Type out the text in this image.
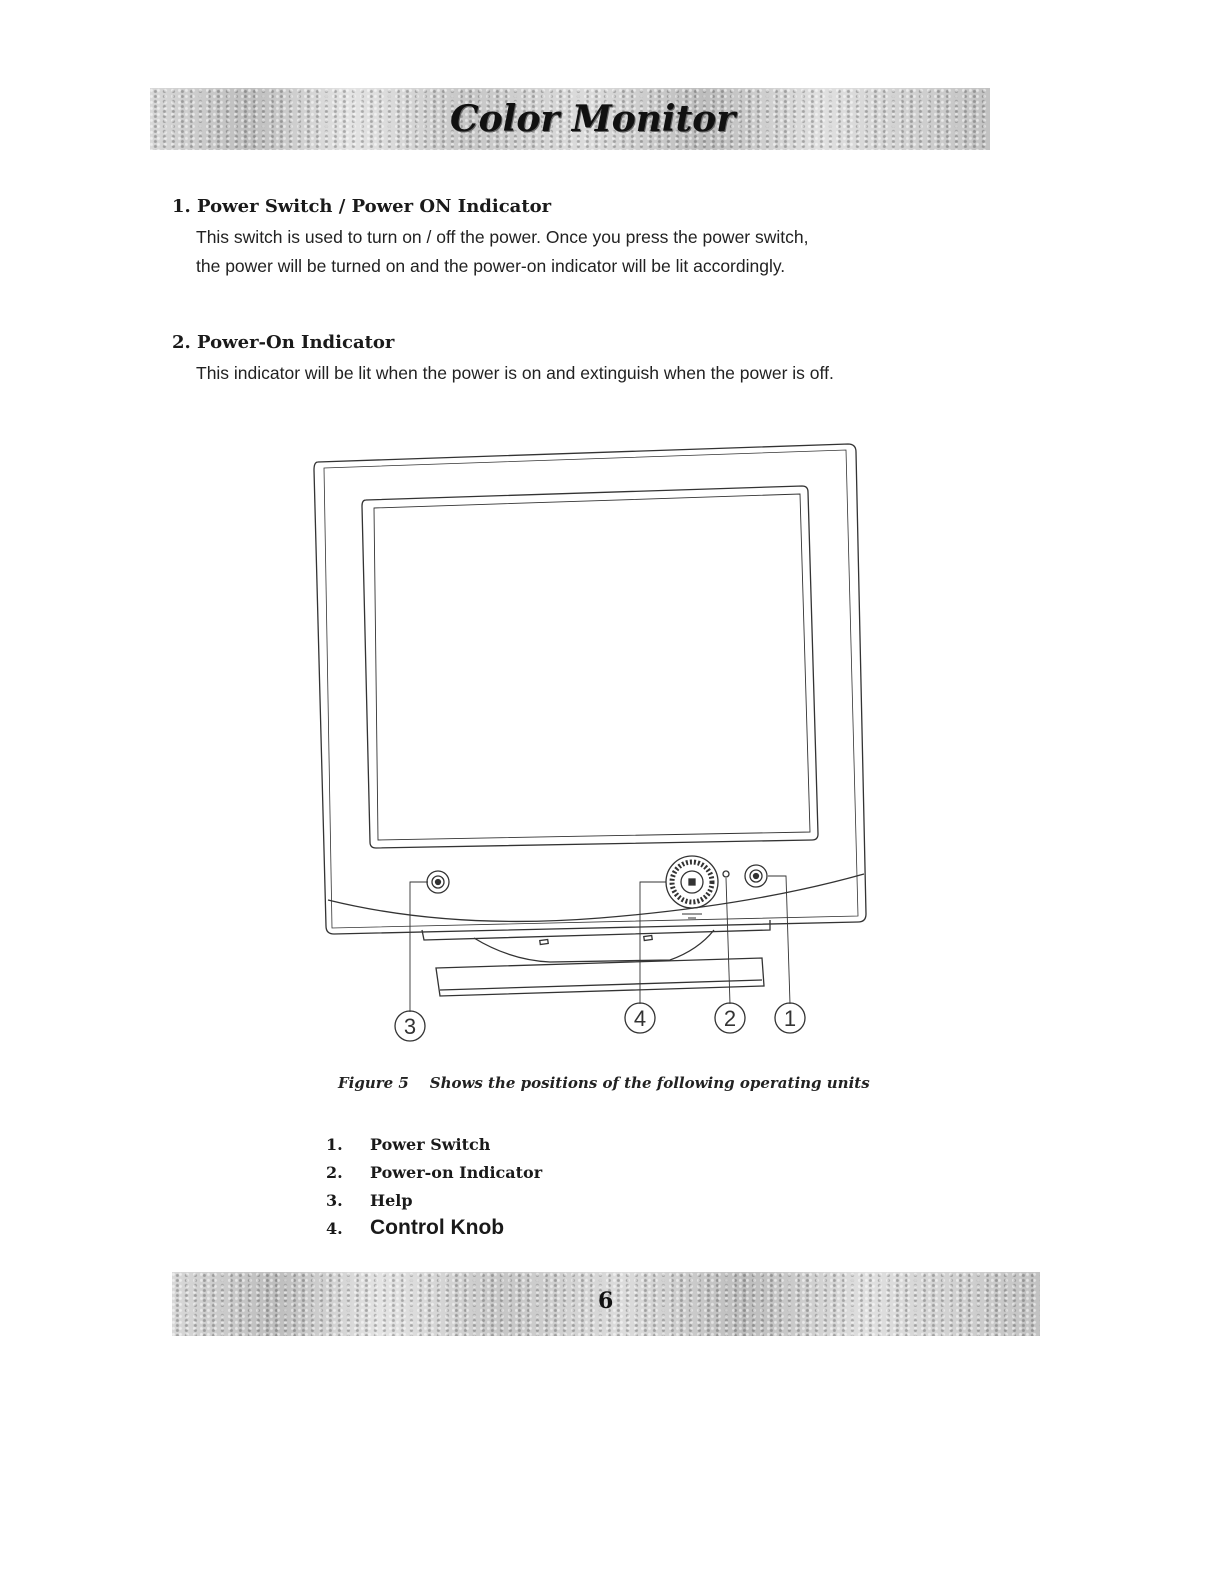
Color Monitor

1. Power Switch / Power ON Indicator

This switch is used to turn on / off the power. Once you press the power switch,

the power will be turned on and the power-on indicator will be lit accordingly.

2. Power-On Indicator

This indicator will be lit when the power is on and extinguish when the power is off.

3	4	2 1
Figure 5    Shows the positions of the following operating units
1.	Power Switch
2.	Power-on Indicator
3.	Help
4.	Control Knob
6
